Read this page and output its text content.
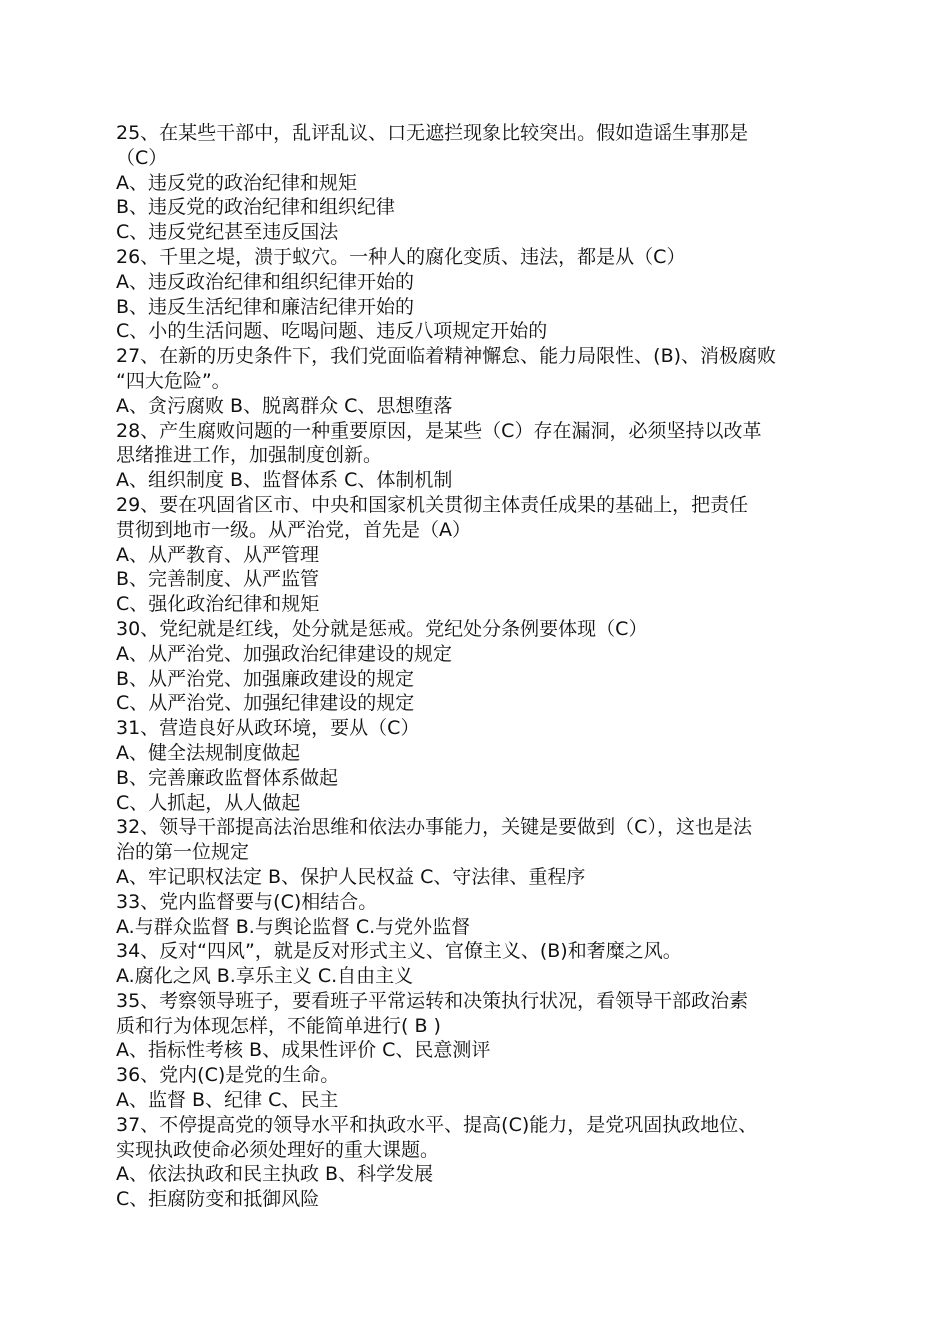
25、在某些干部中，乱评乱议、口无遮拦现象比较突出。假如造谣生事那是
（C）
A、违反党的政治纪律和规矩
B、违反党的政治纪律和组织纪律
C、违反党纪甚至违反国法
26、千里之堤，溃于蚁穴。一种人的腐化变质、违法，都是从（C）
A、违反政治纪律和组织纪律开始的
B、违反生活纪律和廉洁纪律开始的
C、小的生活问题、吃喝问题、违反八项规定开始的
27、在新的历史条件下，我们党面临着精神懈怠、能力局限性、(B)、消极腐败
“四大危险”。
A、贪污腐败 B、脱离群众 C、思想堕落
28、产生腐败问题的一种重要原因，是某些（C）存在漏洞，必须坚持以改革
思绪推进工作，加强制度创新。
A、组织制度 B、监督体系 C、体制机制
29、要在巩固省区市、中央和国家机关贯彻主体责任成果的基础上，把责任
贯彻到地市一级。从严治党，首先是（A）
A、从严教育、从严管理
B、完善制度、从严监管
C、强化政治纪律和规矩
30、党纪就是红线，处分就是惩戒。党纪处分条例要体现（C）
A、从严治党、加强政治纪律建设的规定
B、从严治党、加强廉政建设的规定
C、从严治党、加强纪律建设的规定
31、营造良好从政环境，要从（C）
A、健全法规制度做起
B、完善廉政监督体系做起
C、人抓起，从人做起
32、领导干部提高法治思维和依法办事能力，关键是要做到（C），这也是法
治的第一位规定
A、牢记职权法定 B、保护人民权益 C、守法律、重程序
33、党内监督要与(C)相结合。
A.与群众监督 B.与舆论监督 C.与党外监督
34、反对“四风”，就是反对形式主义、官僚主义、(B)和奢糜之风。
A.腐化之风 B.享乐主义 C.自由主义
35、考察领导班子，要看班子平常运转和决策执行状况，看领导干部政治素
质和行为体现怎样，不能简单进行( B )
A、指标性考核 B、成果性评价 C、民意测评
36、党内(C)是党的生命。
A、监督 B、纪律 C、民主
37、不停提高党的领导水平和执政水平、提高(C)能力，是党巩固执政地位、
实现执政使命必须处理好的重大课题。
A、依法执政和民主执政 B、科学发展
C、拒腐防变和抵御风险
